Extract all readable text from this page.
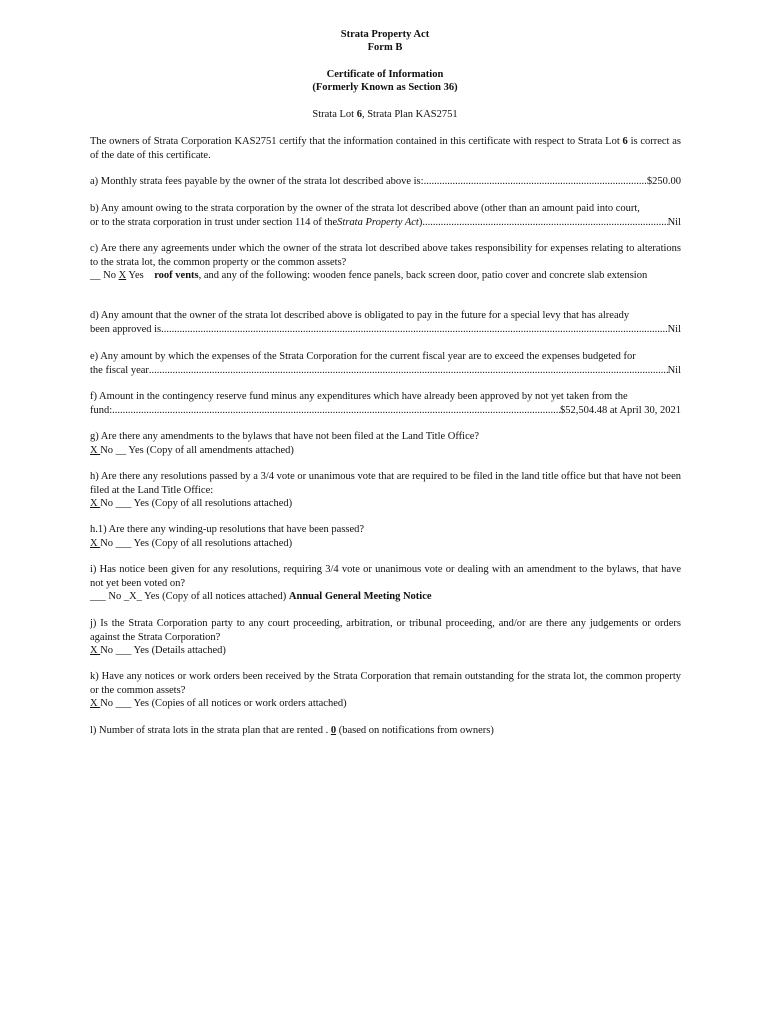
Strata Property Act
Form B
Certificate of Information
(Formerly Known as Section 36)
Strata Lot 6, Strata Plan KAS2751
The owners of Strata Corporation KAS2751 certify that the information contained in this certificate with respect to Strata Lot 6 is correct as of the date of this certificate.
a) Monthly strata fees payable by the owner of the strata lot described above is: .....	$250.00
b) Any amount owing to the strata corporation by the owner of the strata lot described above (other than an amount paid into court,
or to the strata corporation in trust under section 114 of the Strata Property Act ) .....	Nil
c) Are there any agreements under which the owner of the strata lot described above takes responsibility for expenses relating to alterations to the strata lot, the common property or the common assets?
__ No X Yes    roof vents, and any of the following: wooden fence panels, back screen door, patio cover and concrete slab extension
d) Any amount that the owner of the strata lot described above is obligated to pay in the future for a special levy that has already
been approved is .....	Nil
e) Any amount by which the expenses of the Strata Corporation for the current fiscal year are to exceed the expenses budgeted for
the fiscal year .....	Nil
f) Amount in the contingency reserve fund minus any expenditures which have already been approved by not yet taken from the
fund: .....	$52,504.48 at April 30, 2021
g) Are there any amendments to the bylaws that have not been filed at the Land Title Office?
X No __ Yes (Copy of all amendments attached)
h) Are there any resolutions passed by a 3/4 vote or unanimous vote that are required to be filed in the land title office but that have not been filed at the Land Title Office:
X No ___ Yes (Copy of all resolutions attached)
h.1) Are there any winding-up resolutions that have been passed?
X No ___ Yes (Copy of all resolutions attached)
i) Has notice been given for any resolutions, requiring 3/4 vote or unanimous vote or dealing with an amendment to the bylaws, that have not yet been voted on?
___ No _X_ Yes (Copy of all notices attached) Annual General Meeting Notice
j) Is the Strata Corporation party to any court proceeding, arbitration, or tribunal proceeding, and/or are there any judgements or orders against the Strata Corporation?
X No ___ Yes (Details attached)
k) Have any notices or work orders been received by the Strata Corporation that remain outstanding for the strata lot, the common property or the common assets?
X No ___ Yes (Copies of all notices or work orders attached)
l) Number of strata lots in the strata plan that are rented . 0 (based on notifications from owners)
